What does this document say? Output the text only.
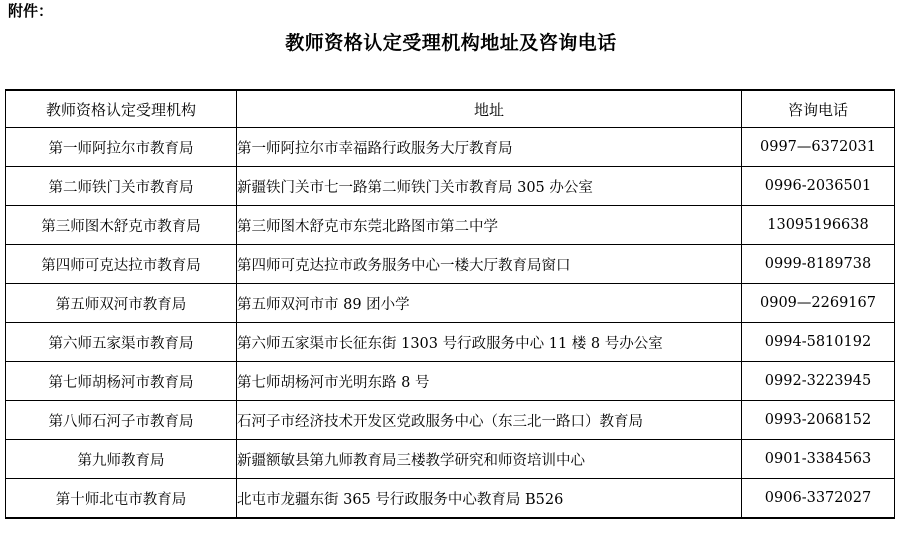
附件：
教师资格认定受理机构地址及咨询电话
教师资格认定受理机构	地址	咨询电话
第一师阿拉尔市教育局	第一师阿拉尔市幸福路行政服务大厅教育局	0997—6372031
第二师铁门关市教育局	新疆铁门关市七一路第二师铁门关市教育局 305 办公室	0996-2036501
第三师图木舒克市教育局	第三师图木舒克市东莞北路图市第二中学	13095196638
第四师可克达拉市教育局	第四师可克达拉市政务服务中心一楼大厅教育局窗口	0999-8189738
第五师双河市教育局	第五师双河市市 89 团小学	0909—2269167
第六师五家渠市教育局	第六师五家渠市长征东街 1303 号行政服务中心 11 楼 8 号办公室	0994-5810192
第七师胡杨河市教育局	第七师胡杨河市光明东路 8 号	0992-3223945
第八师石河子市教育局	石河子市经济技术开发区党政服务中心（东三北一路口）教育局	0993-2068152
第九师教育局	新疆额敏县第九师教育局三楼教学研究和师资培训中心	0901-3384563
第十师北屯市教育局	北屯市龙疆东街 365 号行政服务中心教育局 B526	0906-3372027
